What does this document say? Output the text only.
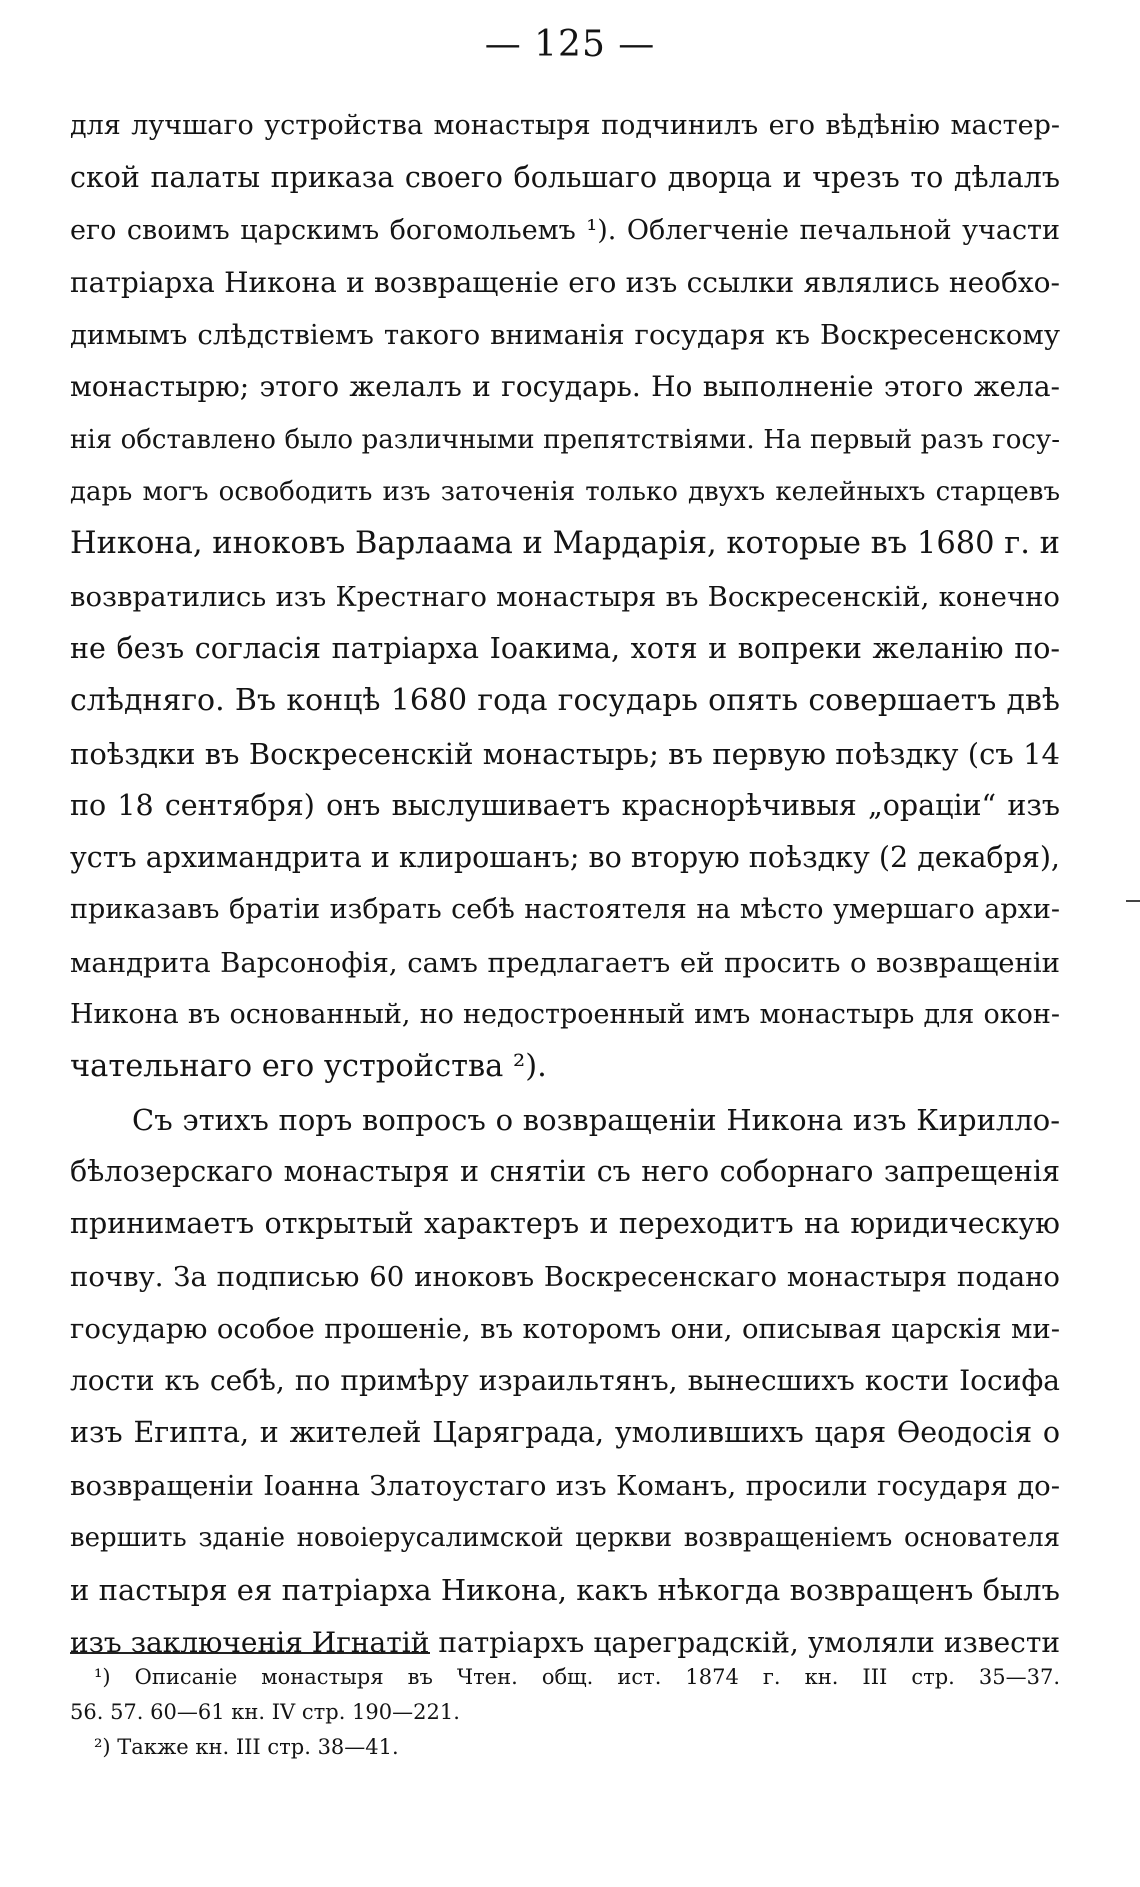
— 125 —
для лучшаго устройства монастыря подчинилъ его вѣдѣнію мастер-
ской палаты приказа своего большаго дворца и чрезъ то дѣлалъ
его своимъ царскимъ богомольемъ ¹). Облегченіе печальной участи
патріарха Никона и возвращеніе его изъ ссылки являлись необхо-
димымъ слѣдствіемъ такого вниманія государя къ Воскресенскому
монастырю; этого желалъ и государь. Но выполненіе этого жела-
нія обставлено было различными препятствіями. На первый разъ госу-
дарь могъ освободить изъ заточенія только двухъ келейныхъ старцевъ
Никона, иноковъ Варлаама и Мардарія, которые въ 1680 г. и
возвратились изъ Крестнаго монастыря въ Воскресенскій, конечно
не безъ согласія патріарха Іоакима, хотя и вопреки желанію по-
слѣдняго. Въ концѣ 1680 года государь опять совершаетъ двѣ
поѣздки въ Воскресенскій монастырь; въ первую поѣздку (съ 14
по 18 сентября) онъ выслушиваетъ краснорѣчивыя „ораціи“ изъ
устъ архимандрита и клирошанъ; во вторую поѣздку (2 декабря),
приказавъ братіи избрать себѣ настоятеля на мѣсто умершаго архи-
мандрита Варсонофія, самъ предлагаетъ ей просить о возвращеніи
Никона въ основанный, но недостроенный имъ монастырь для окон-
чательнаго его устройства ²).
Съ этихъ поръ вопросъ о возвращеніи Никона изъ Кирилло-
бѣлозерскаго монастыря и снятіи съ него соборнаго запрещенія
принимаетъ открытый характеръ и переходитъ на юридическую
почву. За подписью 60 иноковъ Воскресенскаго монастыря подано
государю особое прошеніе, въ которомъ они, описывая царскія ми-
лости къ себѣ, по примѣру израильтянъ, вынесшихъ кости Іосифа
изъ Египта, и жителей Царяграда, умолившихъ царя Ѳеодосія о
возвращеніи Іоанна Златоустаго изъ Команъ, просили государя до-
вершить зданіе новоіерусалимской церкви возвращеніемъ основателя
и пастыря ея патріарха Никона, какъ нѣкогда возвращенъ былъ
изъ заключенія Игнатій патріархъ цареградскій, умоляли извести
¹) Описаніе монастыря въ Чтен. общ. ист. 1874 г. кн. III стр. 35—37.
56. 57. 60—61 кн. IV стр. 190—221.
²) Также кн. III стр. 38—41.
